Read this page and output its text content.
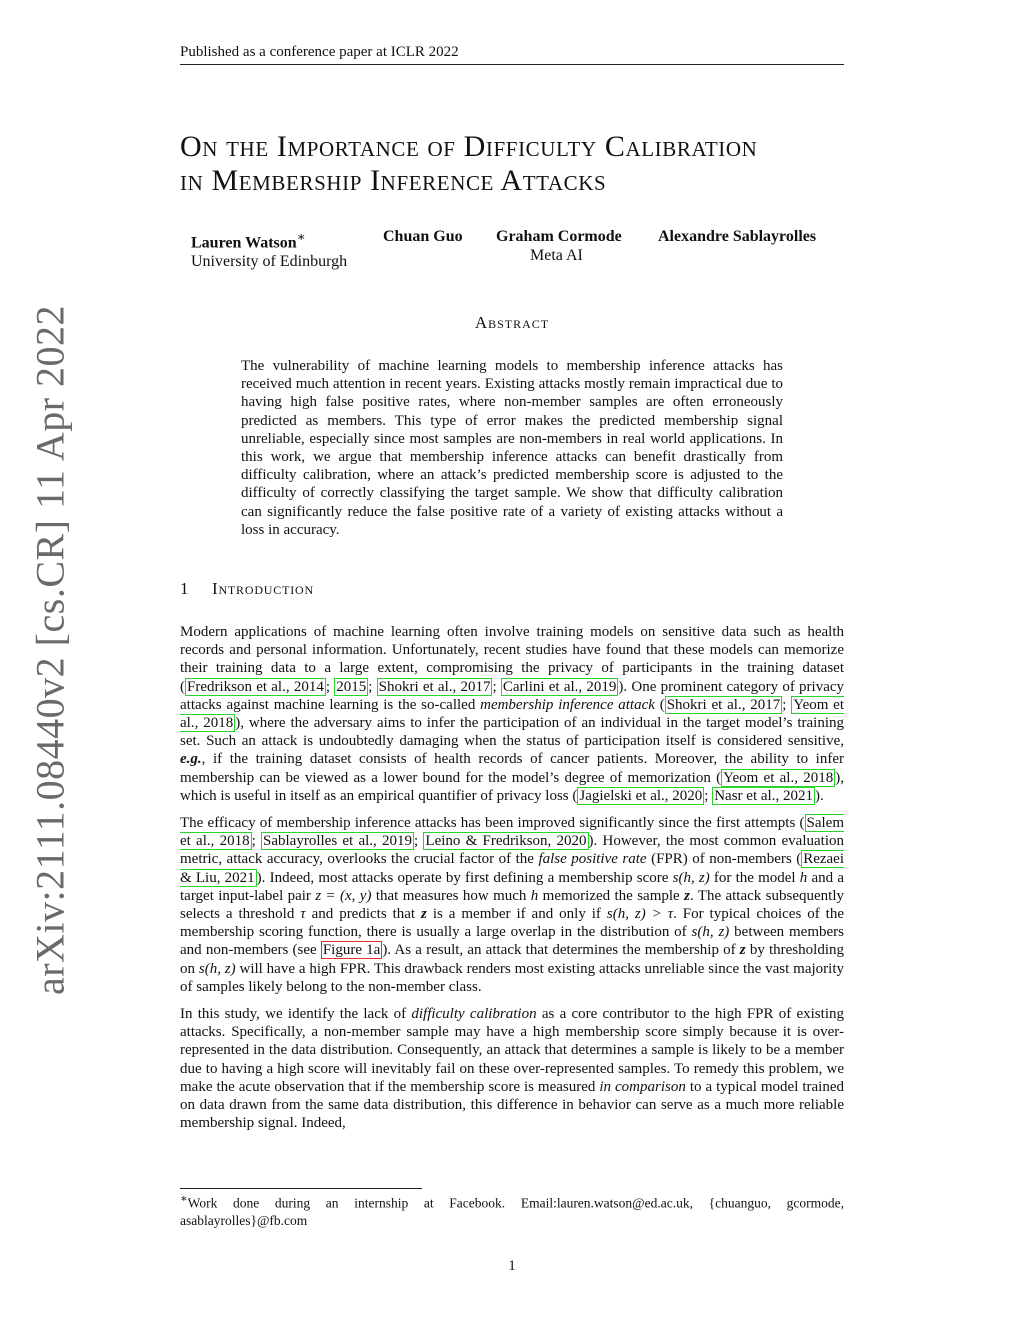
Published as a conference paper at ICLR 2022
arXiv:2111.08440v2 [cs.CR] 11 Apr 2022
On the Importance of Difficulty Calibration
in Membership Inference Attacks
Lauren Watson∗
University of Edinburgh
Chuan Guo Graham Cormode Alexandre Sablayrolles
Meta AI
Abstract

The vulnerability of machine learning models to membership inference attacks has received much attention in recent years. Existing attacks mostly remain impractical due to having high false positive rates, where non-member samples are often erroneously predicted as members. This type of error makes the predicted membership signal unreliable, especially since most samples are non-members in real world applications. In this work, we argue that membership inference attacks can benefit drastically from difficulty calibration, where an attack’s predicted membership score is adjusted to the difficulty of correctly classifying the target sample. We show that difficulty calibration can significantly reduce the false positive rate of a variety of existing attacks without a loss in accuracy.

1 Introduction

Modern applications of machine learning often involve training models on sensitive data such as health records and personal information. Unfortunately, recent studies have found that these models can memorize their training data to a large extent, compromising the privacy of participants in the training dataset ( Fredrikson et al., 2014 ; 2015 ; Shokri et al., 2017 ; Carlini et al., 2019 ). One prominent category of privacy attacks against machine learning is the so-called membership inference attack ( Shokri et al., 2017 ; Yeom et al., 2018 ), where the adversary aims to infer the participation of an individual in the target model’s training set. Such an attack is undoubtedly damaging when the status of participation itself is considered sensitive, e.g., if the training dataset consists of health records of cancer patients. Moreover, the ability to infer membership can be viewed as a lower bound for the model’s degree of memorization ( Yeom et al., 2018 ), which is useful in itself as an empirical quantifier of privacy loss ( Jagielski et al., 2020 ; Nasr et al., 2021 ).

The efficacy of membership inference attacks has been improved significantly since the first attempts ( Salem et al., 2018 ; Sablayrolles et al., 2019 ; Leino & Fredrikson, 2020 ). However, the most common evaluation metric, attack accuracy, overlooks the crucial factor of the false positive rate (FPR) of non-members ( Rezaei & Liu, 2021 ). Indeed, most attacks operate by first defining a membership score s(h, z) for the model h and a target input-label pair z = (x, y) that measures how much h memorized the sample z. The attack subsequently selects a threshold τ and predicts that z is a member if and only if s(h, z) > τ. For typical choices of the membership scoring function, there is usually a large overlap in the distribution of s(h, z) between members and non-members (see Figure 1a ). As a result, an attack that determines the membership of z by thresholding on s(h, z) will have a high FPR. This drawback renders most existing attacks unreliable since the vast majority of samples likely belong to the non-member class.

In this study, we identify the lack of difficulty calibration as a core contributor to the high FPR of existing attacks. Specifically, a non-member sample may have a high membership score simply because it is over-represented in the data distribution. Consequently, an attack that determines a sample is likely to be a member due to having a high score will inevitably fail on these over-represented samples. To remedy this problem, we make the acute observation that if the membership score is measured in comparison to a typical model trained on data drawn from the same data distribution, this difference in behavior can serve as a much more reliable membership signal. Indeed,

∗Work done during an internship at Facebook. Email:lauren.watson@ed.ac.uk, {chuanguo, gcormode, asablayrolles}@fb.com
1
